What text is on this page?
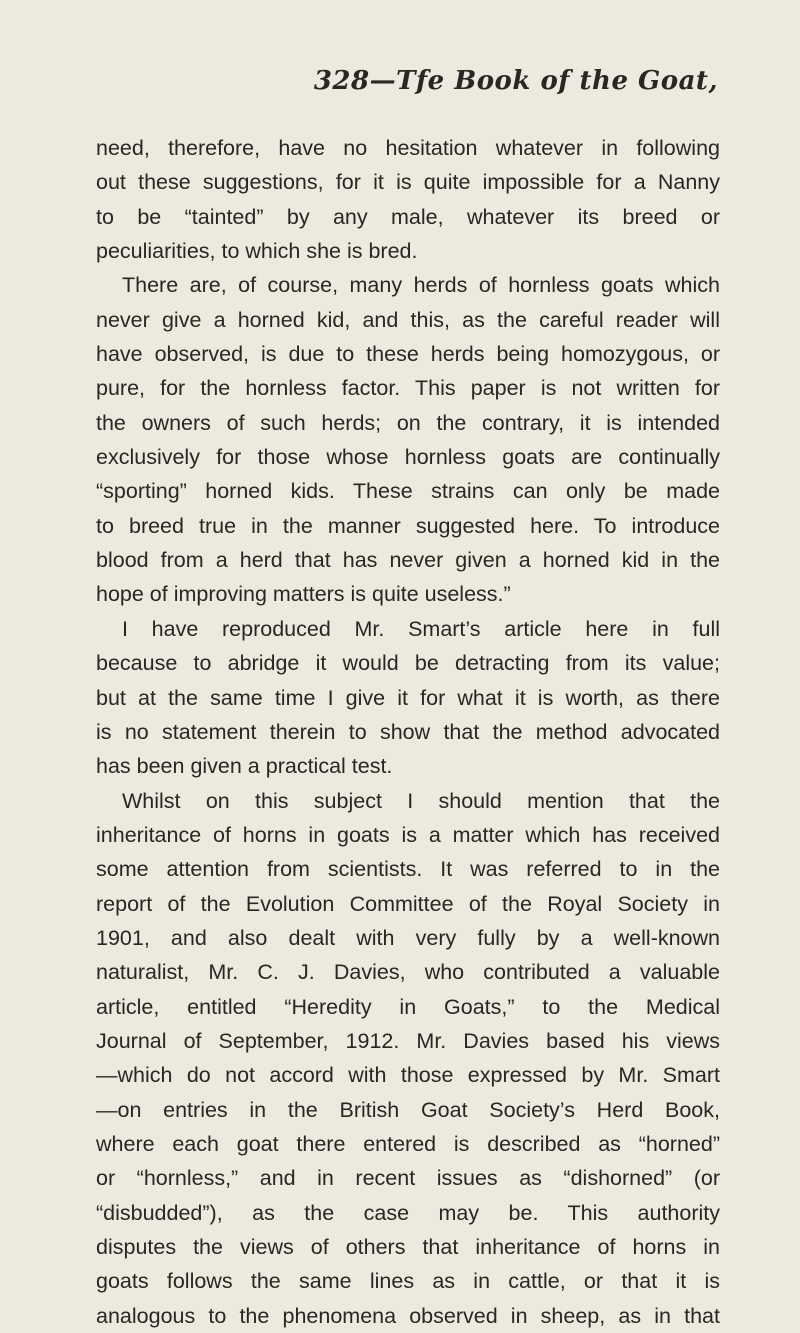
328—Tfe Book of the Goat,
need, therefore, have no hesitation whatever in following
out these suggestions, for it is quite impossible for a Nanny
to be “tainted” by any male, whatever its breed or
peculiarities, to which she is bred.
There are, of course, many herds of hornless goats which
never give a horned kid, and this, as the careful reader will
have observed, is due to these herds being homozygous, or
pure, for the hornless factor. This paper is not written for
the owners of such herds; on the contrary, it is intended
exclusively for those whose hornless goats are continually
“sporting” horned kids. These strains can only be made
to breed true in the manner suggested here. To introduce
blood from a herd that has never given a horned kid in the
hope of improving matters is quite useless.”
I have reproduced Mr. Smart’s article here in full
because to abridge it would be detracting from its value;
but at the same time I give it for what it is worth, as there
is no statement therein to show that the method advocated
has been given a practical test.
Whilst on this subject I should mention that the
inheritance of horns in goats is a matter which has received
some attention from scientists. It was referred to in the
report of the Evolution Committee of the Royal Society in
1901, and also dealt with very fully by a well-known
naturalist, Mr. C. J. Davies, who contributed a valuable
article, entitled “Heredity in Goats,” to the Medical
Journal of September, 1912. Mr. Davies based his views
—which do not accord with those expressed by Mr. Smart
—on entries in the British Goat Society’s Herd Book,
where each goat there entered is described as “horned”
or “hornless,” and in recent issues as “dishorned” (or
“disbudded”), as the case may be. This authority
disputes the views of others that inheritance of horns in
goats follows the same lines as in cattle, or that it is
analogous to the phenomena observed in sheep, as in that
